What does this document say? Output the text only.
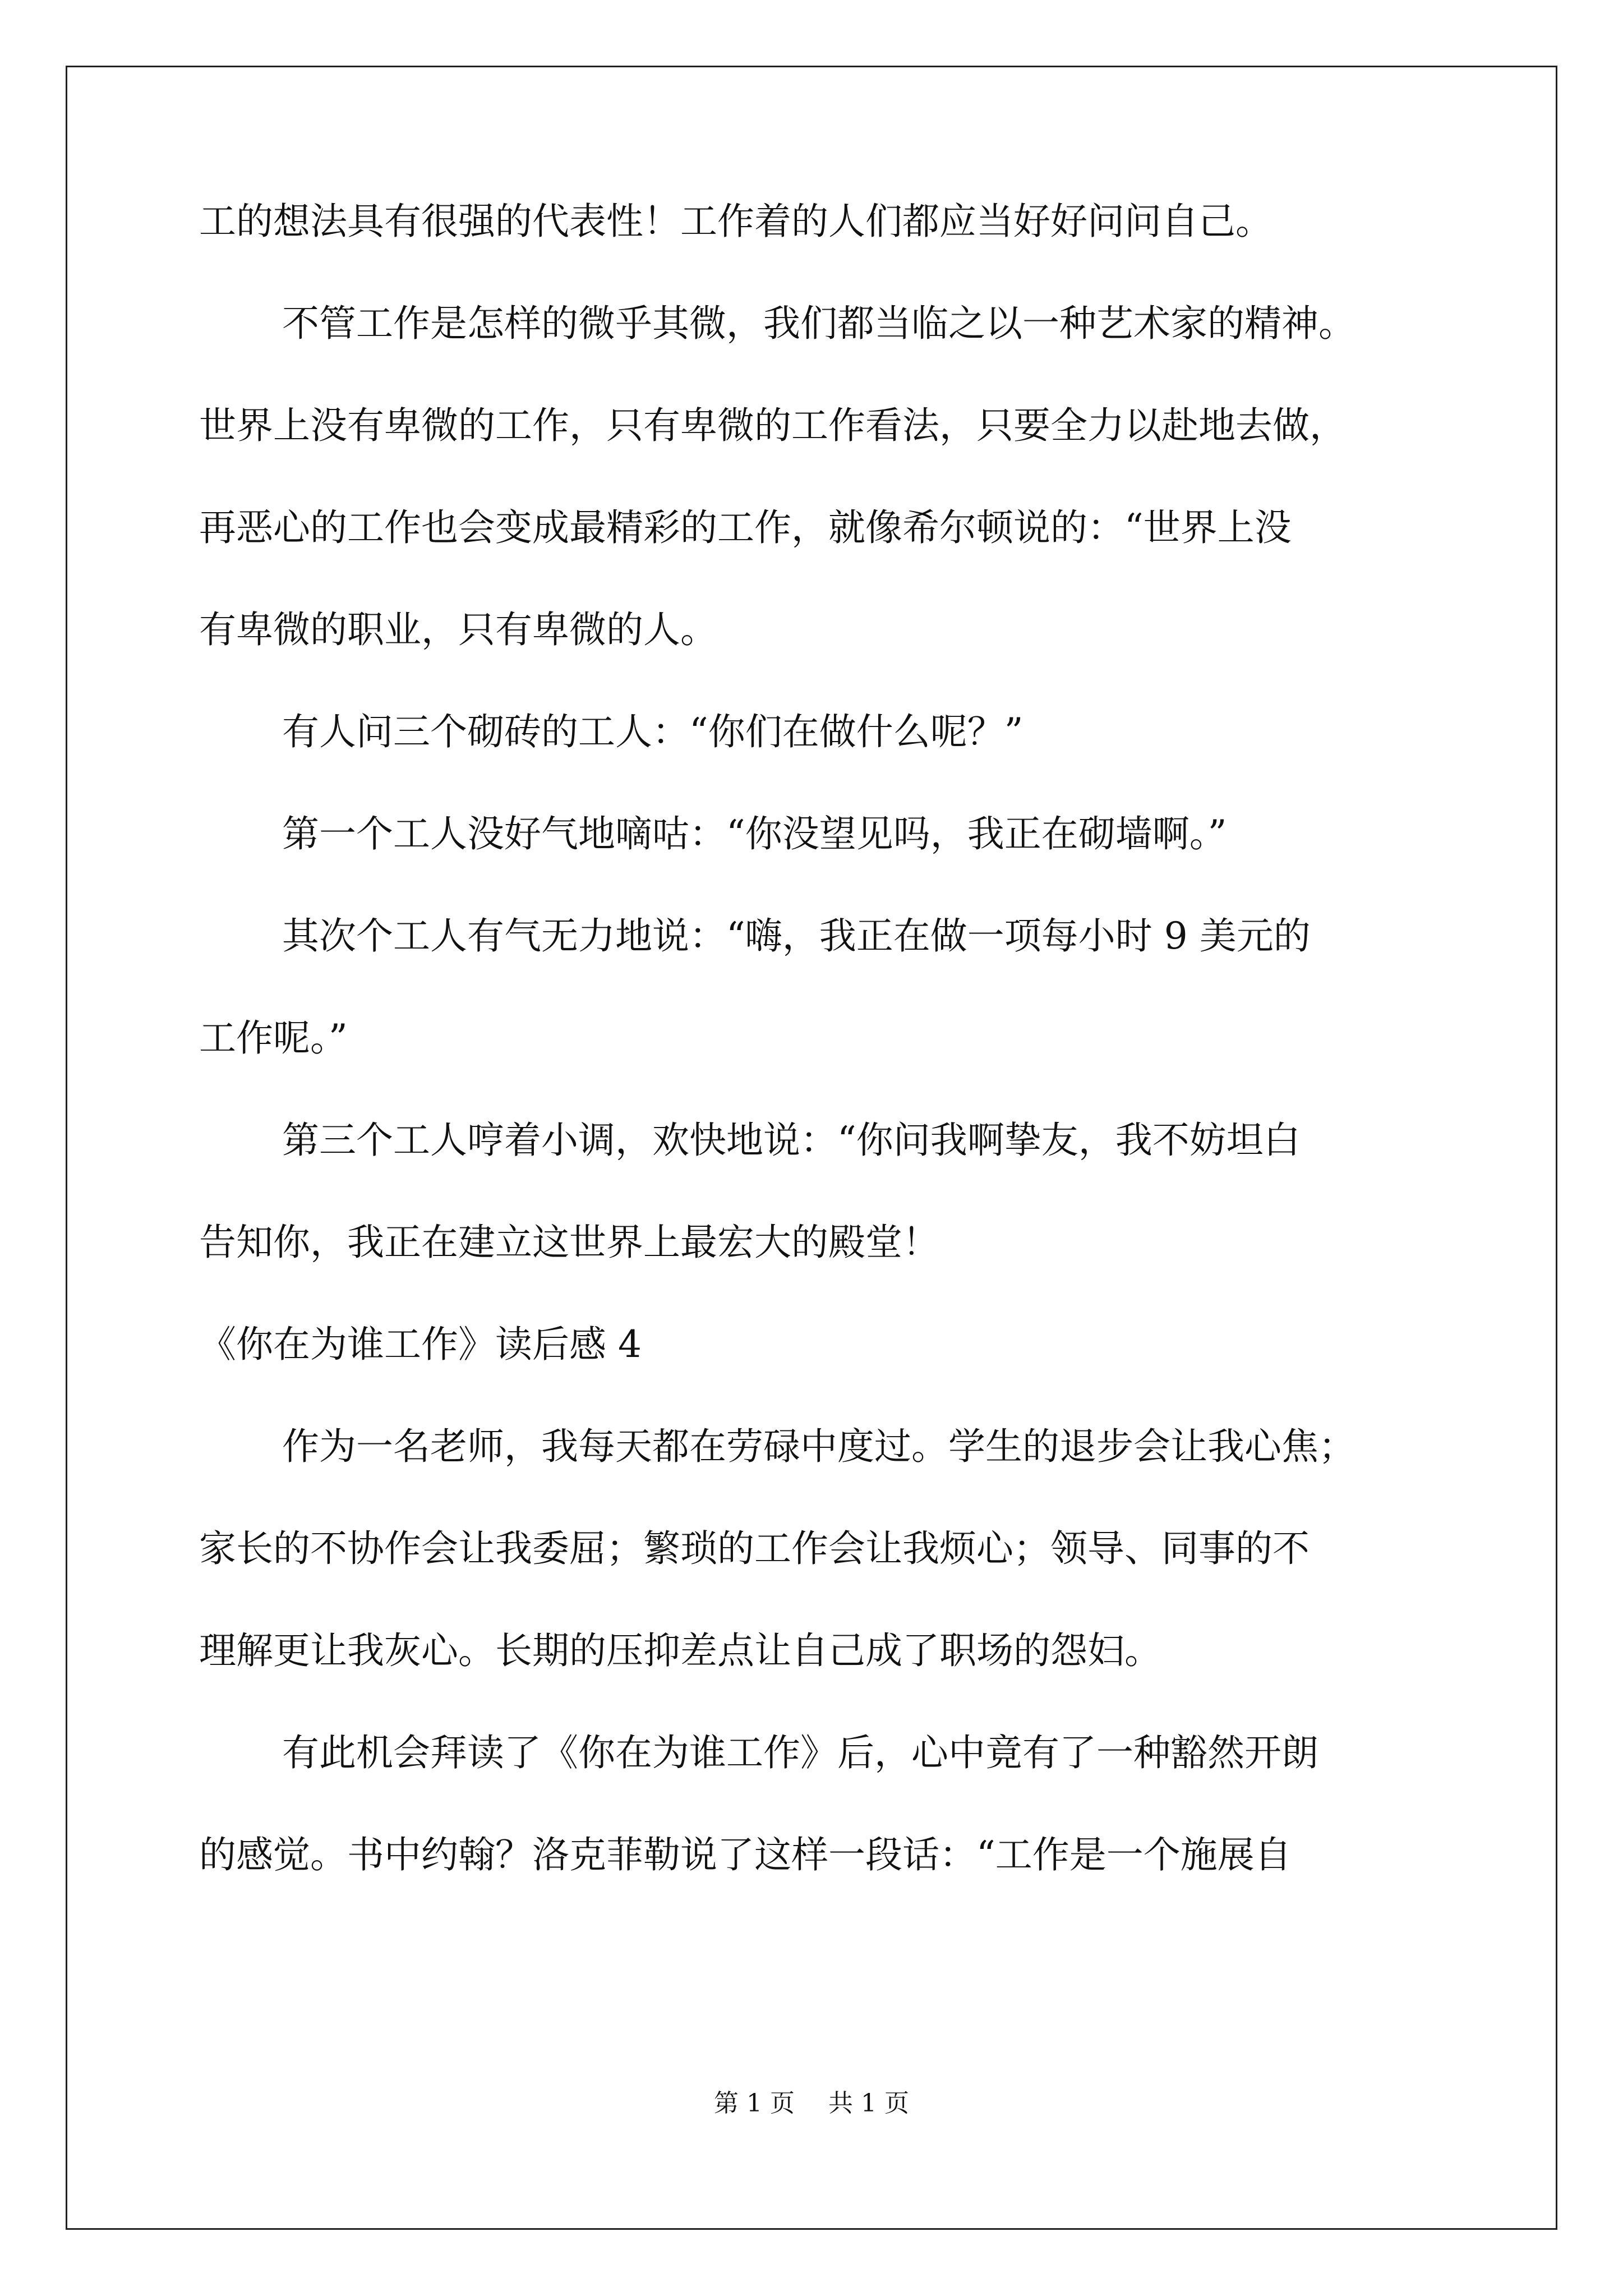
工的想法具有很强的代表性！工作着的人们都应当好好问问自己。
不管工作是怎样的微乎其微，我们都当临之以一种艺术家的精神。
世界上没有卑微的工作，只有卑微的工作看法，只要全力以赴地去做，
再恶心的工作也会变成最精彩的工作，就像希尔顿说的：“世界上没
有卑微的职业，只有卑微的人。
有人问三个砌砖的工人：“你们在做什么呢？”
第一个工人没好气地嘀咕：“你没望见吗，我正在砌墙啊。”
其次个工人有气无力地说：“嗨，我正在做一项每小时 9 美元的
工作呢。”
第三个工人哼着小调，欢快地说：“你问我啊挚友，我不妨坦白
告知你，我正在建立这世界上最宏大的殿堂！
《你在为谁工作》读后感 4
作为一名老师，我每天都在劳碌中度过。学生的退步会让我心焦；
家长的不协作会让我委屈；繁琐的工作会让我烦心；领导、同事的不
理解更让我灰心。长期的压抑差点让自己成了职场的怨妇。
有此机会拜读了《你在为谁工作》后，心中竟有了一种豁然开朗
的感觉。书中约翰？洛克菲勒说了这样一段话：“工作是一个施展自
第 1 页 共 1 页
